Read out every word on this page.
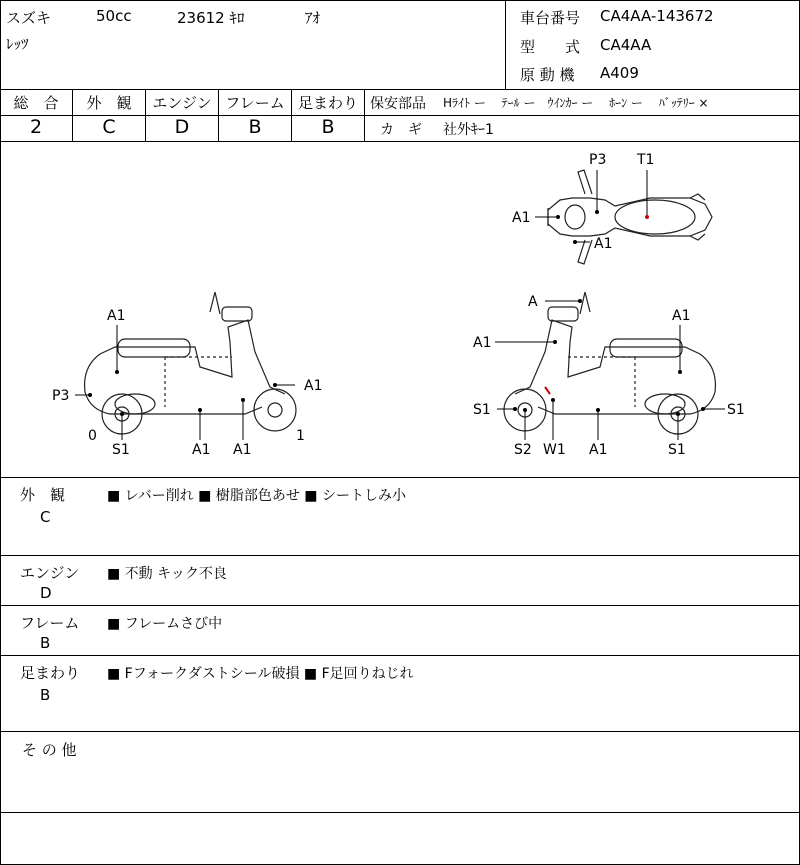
スズキ	50cc	23612 ｷﾛ	ｱｵ
ﾚｯﾂ
車台番号 CA4AA-143672
型　　式 CA4AA
原 動 機 A409
総　合	外　観	エンジン フレーム 足まわり
2	C	D	B	B
保安部品 Hﾗｲﾄ ー　 ﾃｰﾙ ー　ｳｲﾝｶｰ ー　 ﾎｰﾝ ー　 ﾊﾞｯﾃﾘｰ ×
カ　ギ 社外ｷｰ1
P3 T1
A1
A1
A1
P3
A1
0	1
S1	A1 A1
A
A1
A1
S1	S1
S2 W1 A1	S1
外　観
C
■ レバー削れ ■ 樹脂部色あせ ■ シートしみ小
エンジン
D
■ 不動 キック不良
フレーム
B
■ フレームさび中
足まわり
B
■ Fフォークダストシール破損 ■ F足回りねじれ
そ の 他
